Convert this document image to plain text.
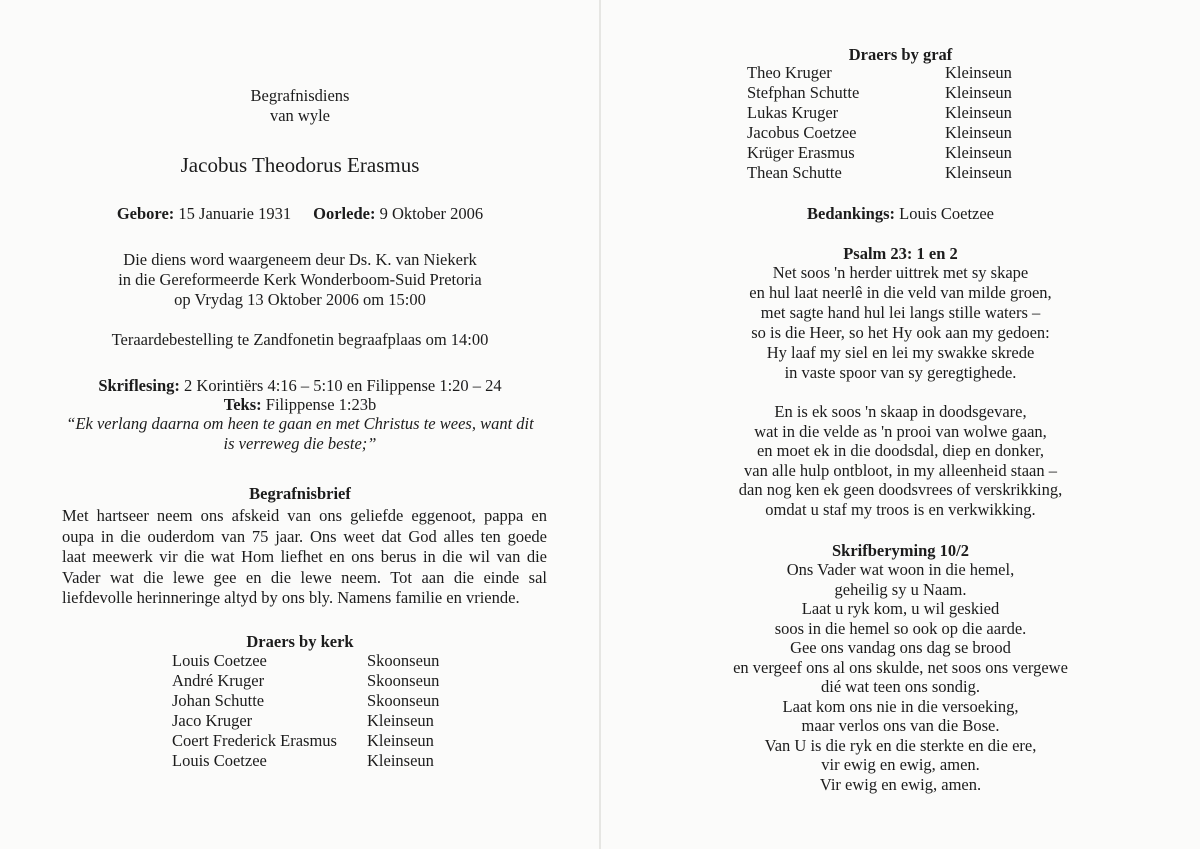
Begrafnisdiens
van wyle
Jacobus Theodorus Erasmus
Gebore: 15 Januarie 1931 Oorlede: 9 Oktober 2006
Die diens word waargeneem deur Ds. K. van Niekerk
in die Gereformeerde Kerk Wonderboom-Suid Pretoria
op Vrydag 13 Oktober 2006 om 15:00
Teraardebestelling te Zandfonetin begraafplaas om 14:00
Skriflesing: 2 Korintiërs 4:16 – 5:10 en Filippense 1:20 – 24
Teks: Filippense 1:23b
“Ek verlang daarna om heen te gaan en met Christus te wees, want dit
is verreweg die beste;”
Begrafnisbrief
Met hartseer neem ons afskeid van ons geliefde eggenoot, pappa en
oupa in die ouderdom van 75 jaar. Ons weet dat God alles ten goede
laat meewerk vir die wat Hom liefhet en ons berus in die wil van die
Vader wat die lewe gee en die lewe neem. Tot aan die einde sal
liefdevolle herinneringe altyd by ons bly. Namens familie en vriende.
Draers by kerk
Louis Coetzee	Skoonseun
André Kruger	Skoonseun
Johan Schutte	Skoonseun
Jaco Kruger	Kleinseun
Coert Frederick Erasmus Kleinseun
Louis Coetzee	Kleinseun
Draers by graf
Theo Kruger	Kleinseun
Stefphan Schutte	Kleinseun
Lukas Kruger	Kleinseun
Jacobus Coetzee	Kleinseun
Krüger Erasmus	Kleinseun
Thean Schutte	Kleinseun
Bedankings: Louis Coetzee
Psalm 23: 1 en 2
Net soos 'n herder uittrek met sy skape
en hul laat neerlê in die veld van milde groen,
met sagte hand hul lei langs stille waters –
so is die Heer, so het Hy ook aan my gedoen:
Hy laaf my siel en lei my swakke skrede
in vaste spoor van sy geregtighede.
En is ek soos 'n skaap in doodsgevare,
wat in die velde as 'n prooi van wolwe gaan,
en moet ek in die doodsdal, diep en donker,
van alle hulp ontbloot, in my alleenheid staan –
dan nog ken ek geen doodsvrees of verskrikking,
omdat u staf my troos is en verkwikking.
Skrifberyming 10/2
Ons Vader wat woon in die hemel,
geheilig sy u Naam.
Laat u ryk kom, u wil geskied
soos in die hemel so ook op die aarde.
Gee ons vandag ons dag se brood
en vergeef ons al ons skulde, net soos ons vergewe
dié wat teen ons sondig.
Laat kom ons nie in die versoeking,
maar verlos ons van die Bose.
Van U is die ryk en die sterkte en die ere,
vir ewig en ewig, amen.
Vir ewig en ewig, amen.
